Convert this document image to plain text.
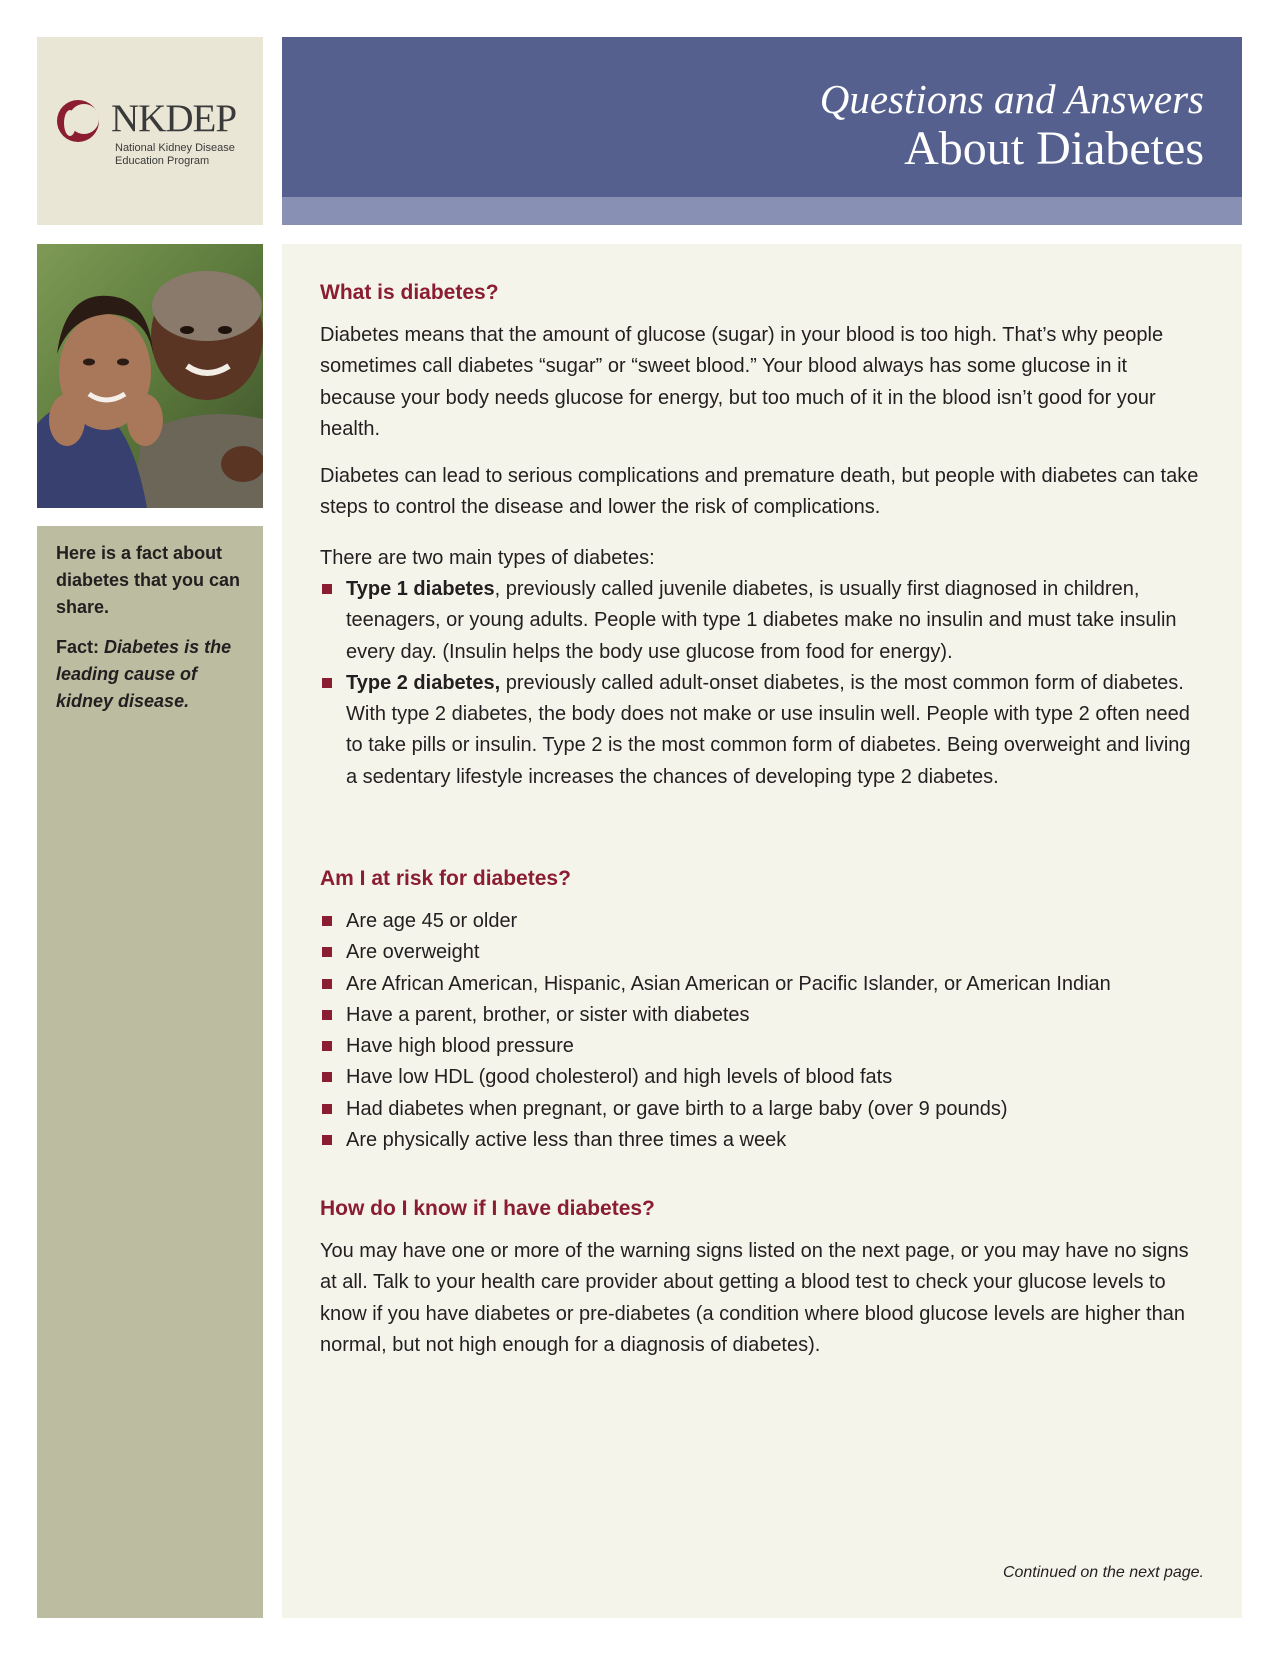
NKDEP
National Kidney Disease
Education Program
Questions and Answers
About Diabetes
Here is a fact about diabetes that you can share.
Fact: Diabetes is the leading cause of kidney disease.
What is diabetes?

Diabetes means that the amount of glucose (sugar) in your blood is too high. That’s why people sometimes call diabetes “sugar” or “sweet blood.” Your blood always has some glucose in it because your body needs glucose for energy, but too much of it in the blood isn’t good for your health.

Diabetes can lead to serious complications and premature death, but people with diabetes can take steps to control the disease and lower the risk of complications.

There are two main types of diabetes:

Type 1 diabetes, previously called juvenile diabetes, is usually first diagnosed in children, teenagers, or young adults. People with type 1 diabetes make no insulin and must take insulin every day. (Insulin helps the body use glucose from food for energy).
Type 2 diabetes, previously called adult-onset diabetes, is the most common form of diabetes. With type 2 diabetes, the body does not make or use insulin well. People with type 2 often need to take pills or insulin. Type 2 is the most common form of diabetes. Being overweight and living a sedentary lifestyle increases the chances of developing type 2 diabetes.
Am I at risk for diabetes?
Are age 45 or older
Are overweight
Are African American, Hispanic, Asian American or Pacific Islander, or American Indian
Have a parent, brother, or sister with diabetes
Have high blood pressure
Have low HDL (good cholesterol) and high levels of blood fats
Had diabetes when pregnant, or gave birth to a large baby (over 9 pounds)
Are physically active less than three times a week
How do I know if I have diabetes?

You may have one or more of the warning signs listed on the next page, or you may have no signs at all. Talk to your health care provider about getting a blood test to check your glucose levels to know if you have diabetes or pre-diabetes (a condition where blood glucose levels are higher than normal, but not high enough for a diagnosis of diabetes).

Continued on the next page.
